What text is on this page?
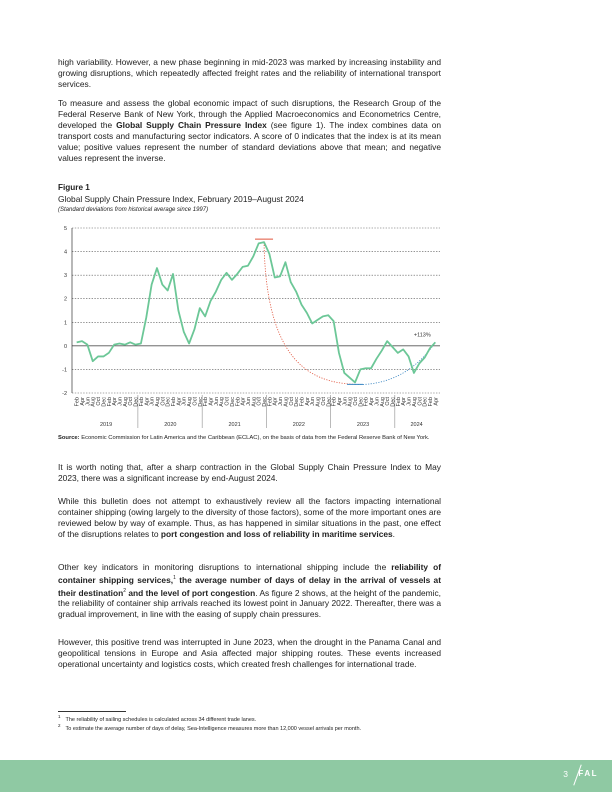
high variability. However, a new phase beginning in mid-2023 was marked by increasing instability and growing disruptions, which repeatedly affected freight rates and the reliability of international transport services.

To measure and assess the global economic impact of such disruptions, the Research Group of the Federal Reserve Bank of New York, through the Applied Macroeconomics and Econometrics Centre, developed the Global Supply Chain Pressure Index (see figure 1). The index combines data on transport costs and manufacturing sector indicators. A score of 0 indicates that the index is at its mean value; positive values represent the number of standard deviations above that mean; and negative values represent the inverse.

Figure 1
Global Supply Chain Pressure Index, February 2019–August 2024
(Standard deviations from historical average since 1997)
-2
-1
0
1
2
3
4
5
Feb Apr Jun Aug Oct Dec Feb Apr Jun Aug Oct Dec Feb Apr Jun Aug Oct Dec Feb Apr Jun Aug Oct Dec Feb Apr Jun Aug Oct Dec Feb Apr Jun Aug Oct Dec Feb Apr Jun Aug Oct Dec Feb Apr Jun Aug Oct Dec Feb Apr Jun Aug Oct Dec Feb Apr Jun Aug Oct Dec Feb Apr Jun Aug Oct Dec Feb Apr
2019	2020	2021	2022	2023	2024
+113%
Source: Economic Commission for Latin America and the Caribbean (ECLAC), on the basis of data from the Federal Reserve Bank of New York.

It is worth noting that, after a sharp contraction in the Global Supply Chain Pressure Index to May 2023, there was a significant increase by end-August 2024.

While this bulletin does not attempt to exhaustively review all the factors impacting international container shipping (owing largely to the diversity of those factors), some of the more important ones are reviewed below by way of example. Thus, as has happened in similar situations in the past, one effect of the disruptions relates to port congestion and loss of reliability in maritime services.

Other key indicators in monitoring disruptions to international shipping include the reliability of container shipping services,$^1$ the average number of days of delay in the arrival of vessels at their destination$^2$ and the level of port congestion. As figure 2 shows, at the height of the pandemic, the reliability of container ship arrivals reached its lowest point in January 2022. Thereafter, there was a gradual improvement, in line with the easing of supply chain pressures.

However, this positive trend was interrupted in June 2023, when the drought in the Panama Canal and geopolitical tensions in Europe and Asia affected major shipping routes. These events increased operational uncertainty and logistics costs, which created fresh challenges for international trade.

$^1$The reliability of sailing schedules is calculated across 34 different trade lanes.
$^2$To estimate the average number of days of delay, Sea-Intelligence measures more than 12,000 vessel arrivals per month.
3 FAL
